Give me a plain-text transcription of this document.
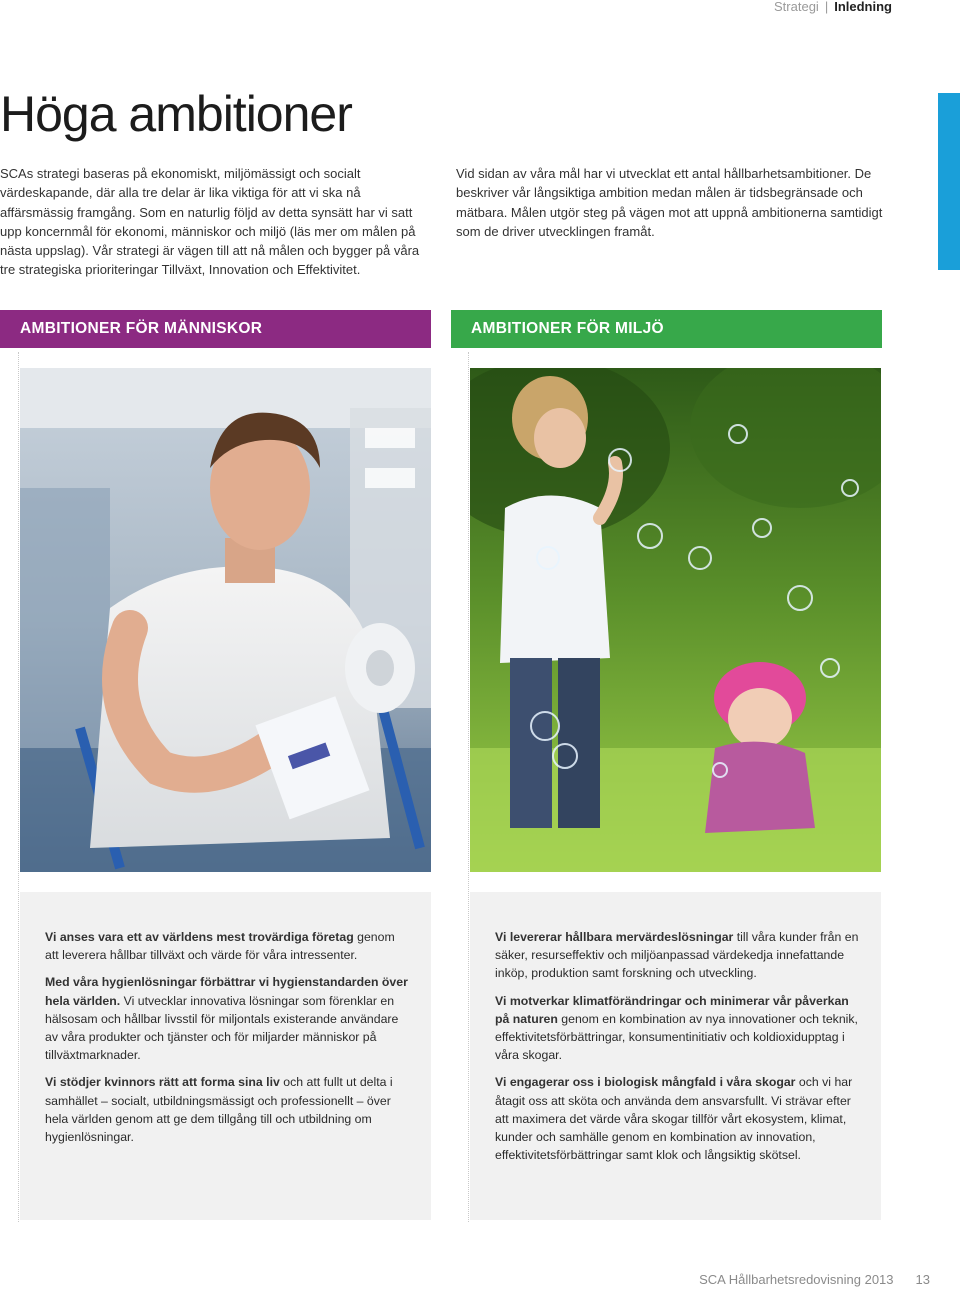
Strategi | Inledning
Höga ambitioner

SCAs strategi baseras på ekonomiskt, miljömässigt och socialt värdeskapande, där alla tre delar är lika viktiga för att vi ska nå affärsmässig framgång. Som en naturlig följd av detta synsätt har vi satt upp koncernmål för ekonomi, människor och miljö (läs mer om målen på nästa uppslag). Vår strategi är vägen till att nå målen och bygger på våra tre strategiska prioriteringar Tillväxt, Innovation och Effektivitet.

Vid sidan av våra mål har vi utvecklat ett antal hållbarhetsambitioner. De beskriver vår långsiktiga ambition medan målen är tidsbegränsade och mätbara. Målen utgör steg på vägen mot att uppnå ambitionerna samtidigt som de driver utvecklingen framåt.

AMBITIONER FÖR MÄNNISKOR	AMBITIONER FÖR MILJÖ

Vi anses vara ett av världens mest trovärdiga företag genom att leverera hållbar tillväxt och värde för våra intressenter.

Med våra hygienlösningar förbättrar vi hygienstandarden över hela världen. Vi utvecklar innovativa lösningar som förenklar en hälsosam och hållbar livsstil för miljontals existerande användare av våra produkter och tjänster och för miljarder människor på tillväxtmarknader.

Vi stödjer kvinnors rätt att forma sina liv och att fullt ut delta i samhället – socialt, utbildningsmässigt och professionellt – över hela världen genom att ge dem tillgång till och utbildning om hygienlösningar.

Vi levererar hållbara mervärdeslösningar till våra kunder från en säker, resurseffektiv och miljöanpassad värdekedja innefattande inköp, produktion samt forskning och utveckling.

Vi motverkar klimatförändringar och minimerar vår påverkan på naturen genom en kombination av nya innovationer och teknik, effektivitetsförbättringar, konsumentinitiativ och koldioxidupptag i våra skogar.

Vi engagerar oss i biologisk mångfald i våra skogar och vi har åtagit oss att sköta och använda dem ansvarsfullt. Vi strävar efter att maximera det värde våra skogar tillför vårt ekosystem, klimat, kunder och samhälle genom en kombination av innovation, effektivitetsförbättringar samt klok och långsiktig skötsel.

SCA Hållbarhetsredovisning 2013 13
